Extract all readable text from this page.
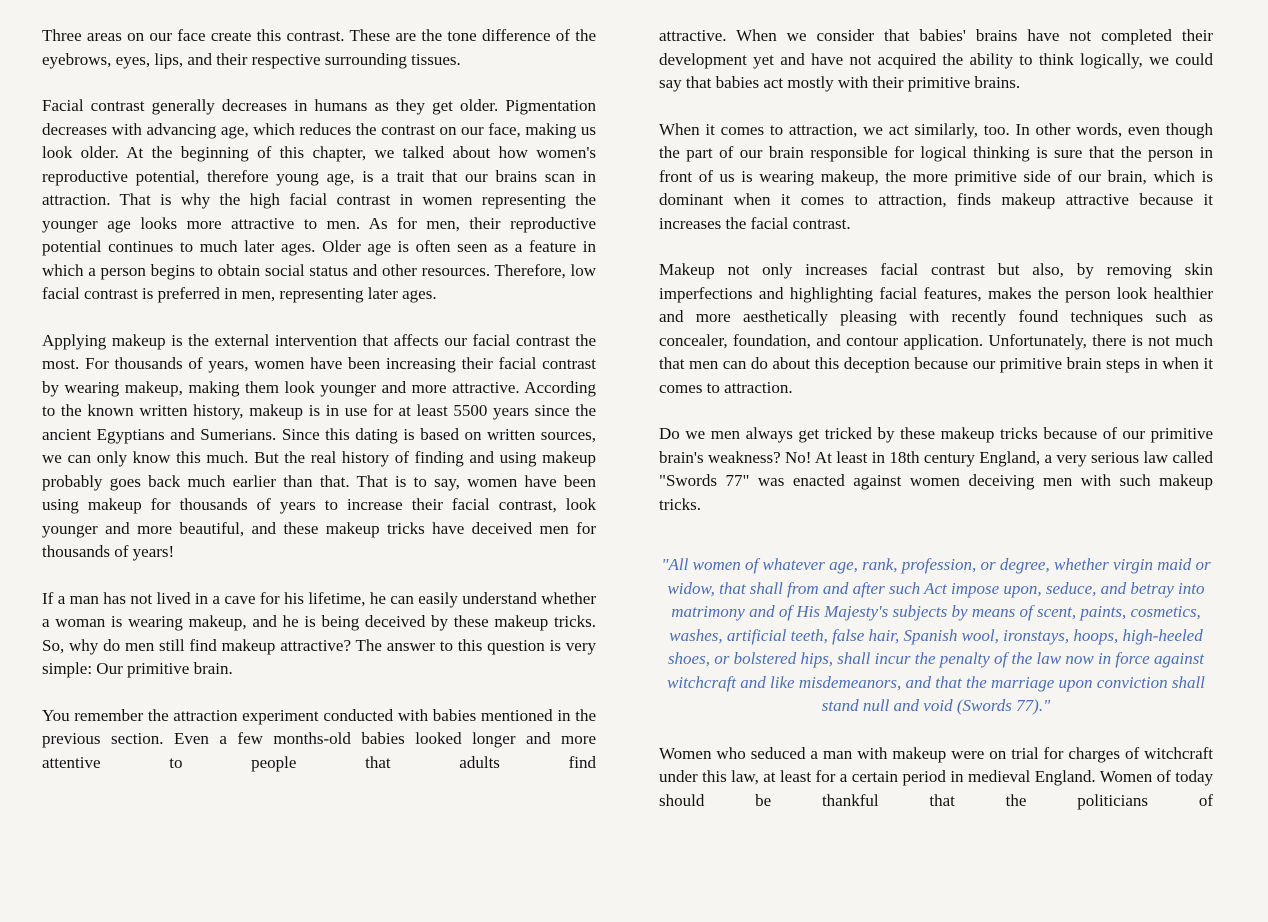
Three areas on our face create this contrast. These are the tone difference of the eyebrows, eyes, lips, and their respective surrounding tissues.

Facial contrast generally decreases in humans as they get older. Pigmentation decreases with advancing age, which reduces the contrast on our face, making us look older. At the beginning of this chapter, we talked about how women's reproductive potential, therefore young age, is a trait that our brains scan in attraction. That is why the high facial contrast in women representing the younger age looks more attractive to men. As for men, their reproductive potential continues to much later ages. Older age is often seen as a feature in which a person begins to obtain social status and other resources. Therefore, low facial contrast is preferred in men, representing later ages.

Applying makeup is the external intervention that affects our facial contrast the most. For thousands of years, women have been increasing their facial contrast by wearing makeup, making them look younger and more attractive. According to the known written history, makeup is in use for at least 5500 years since the ancient Egyptians and Sumerians. Since this dating is based on written sources, we can only know this much. But the real history of finding and using makeup probably goes back much earlier than that. That is to say, women have been using makeup for thousands of years to increase their facial contrast, look younger and more beautiful, and these makeup tricks have deceived men for thousands of years!

If a man has not lived in a cave for his lifetime, he can easily understand whether a woman is wearing makeup, and he is being deceived by these makeup tricks. So, why do men still find makeup attractive? The answer to this question is very simple: Our primitive brain.

You remember the attraction experiment conducted with babies mentioned in the previous section. Even a few months-old babies looked longer and more attentive to people that adults find

attractive. When we consider that babies' brains have not completed their development yet and have not acquired the ability to think logically, we could say that babies act mostly with their primitive brains.

When it comes to attraction, we act similarly, too. In other words, even though the part of our brain responsible for logical thinking is sure that the person in front of us is wearing makeup, the more primitive side of our brain, which is dominant when it comes to attraction, finds makeup attractive because it increases the facial contrast.

Makeup not only increases facial contrast but also, by removing skin imperfections and highlighting facial features, makes the person look healthier and more aesthetically pleasing with recently found techniques such as concealer, foundation, and contour application. Unfortunately, there is not much that men can do about this deception because our primitive brain steps in when it comes to attraction.

Do we men always get tricked by these makeup tricks because of our primitive brain's weakness? No! At least in 18th century England, a very serious law called "Swords 77" was enacted against women deceiving men with such makeup tricks.

"All women of whatever age, rank, profession, or degree, whether virgin maid or widow, that shall from and after such Act impose upon, seduce, and betray into matrimony and of His Majesty's subjects by means of scent, paints, cosmetics, washes, artificial teeth, false hair, Spanish wool, ironstays, hoops, high-heeled shoes, or bolstered hips, shall incur the penalty of the law now in force against witchcraft and like misdemeanors, and that the marriage upon conviction shall stand null and void (Swords 77)."

Women who seduced a man with makeup were on trial for charges of witchcraft under this law, at least for a certain period in medieval England. Women of today should be thankful that the politicians of
